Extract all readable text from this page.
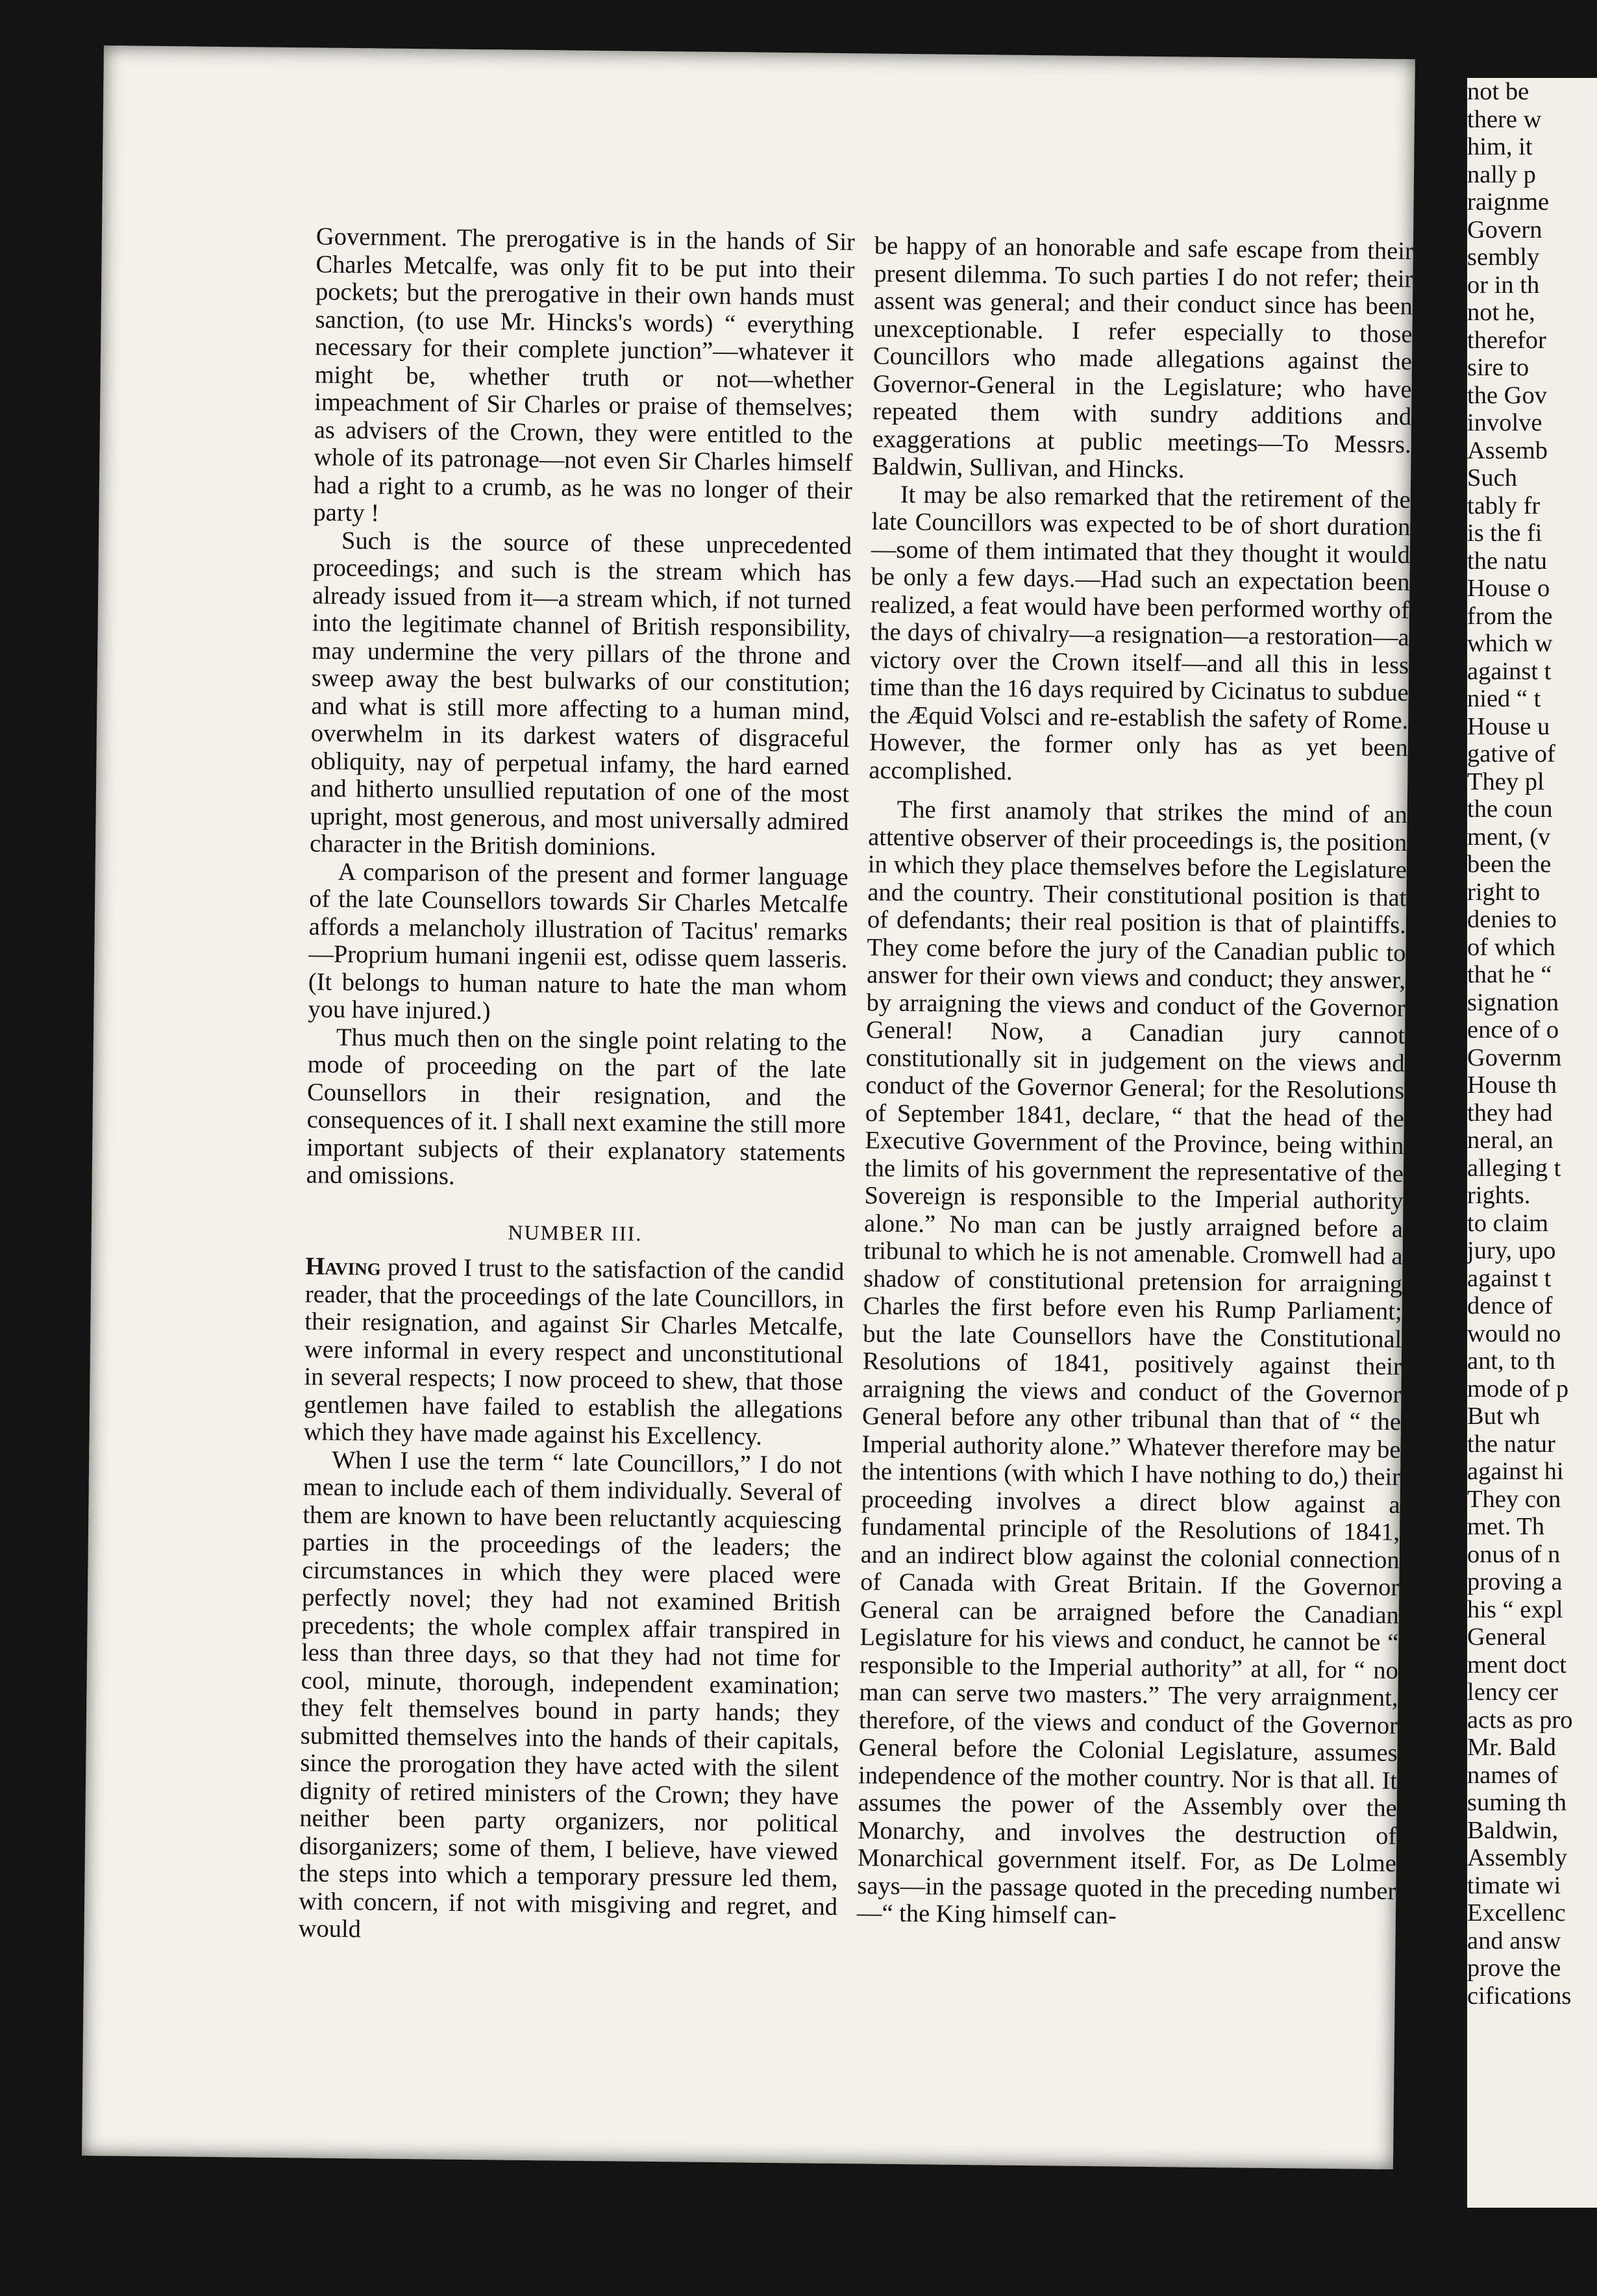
Government. The prerogative is in the hands of Sir Charles Metcalfe, was only fit to be put into their pockets; but the prerogative in their own hands must sanction, (to use Mr. Hincks's words) “ everything necessary for their complete junction”—whatever it might be, whether truth or not—whether impeachment of Sir Charles or praise of themselves; as advisers of the Crown, they were entitled to the whole of its patronage—not even Sir Charles himself had a right to a crumb, as he was no longer of their party !

Such is the source of these unprecedented proceedings; and such is the stream which has already issued from it—a stream which, if not turned into the legitimate channel of British responsibility, may undermine the very pillars of the throne and sweep away the best bulwarks of our constitution; and what is still more affecting to a human mind, overwhelm in its darkest waters of disgraceful obliquity, nay of perpetual infamy, the hard earned and hitherto unsullied reputation of one of the most upright, most generous, and most universally admired character in the British dominions.

A comparison of the present and former language of the late Counsellors towards Sir Charles Metcalfe affords a melancholy illustration of Tacitus' remarks—Proprium humani ingenii est, odisse quem lasseris. (It belongs to human nature to hate the man whom you have injured.)

Thus much then on the single point relating to the mode of proceeding on the part of the late Counsellors in their resignation, and the consequences of it. I shall next examine the still more important subjects of their explanatory statements and omissions.

NUMBER III.

Having proved I trust to the satisfaction of the candid reader, that the proceedings of the late Councillors, in their resignation, and against Sir Charles Metcalfe, were informal in every respect and unconstitutional in several respects; I now proceed to shew, that those gentlemen have failed to establish the allegations which they have made against his Excellency.

When I use the term “ late Councillors,” I do not mean to include each of them individually. Several of them are known to have been reluctantly acquiescing parties in the proceedings of the leaders; the circumstances in which they were placed were perfectly novel; they had not examined British precedents; the whole complex affair transpired in less than three days, so that they had not time for cool, minute, thorough, independent examination; they felt themselves bound in party hands; they submitted themselves into the hands of their capitals, since the prorogation they have acted with the silent dignity of retired ministers of the Crown; they have neither been party organizers, nor political disorganizers; some of them, I believe, have viewed the steps into which a temporary pressure led them, with concern, if not with misgiving and regret, and would

be happy of an honorable and safe escape from their present dilemma. To such parties I do not refer; their assent was general; and their conduct since has been unexceptionable. I refer especially to those Councillors who made allegations against the Governor-General in the Legislature; who have repeated them with sundry additions and exaggerations at public meetings—To Messrs. Baldwin, Sullivan, and Hincks.

It may be also remarked that the retirement of the late Councillors was expected to be of short duration—some of them intimated that they thought it would be only a few days.—Had such an expectation been realized, a feat would have been performed worthy of the days of chivalry—a resignation—a restoration—a victory over the Crown itself—and all this in less time than the 16 days required by Cicinatus to subdue the Æquid Volsci and re-establish the safety of Rome. However, the former only has as yet been accomplished.

The first anamoly that strikes the mind of an attentive observer of their proceedings is, the position in which they place themselves before the Legislature and the country. Their constitutional position is that of defendants; their real position is that of plaintiffs. They come before the jury of the Canadian public to answer for their own views and conduct; they answer, by arraigning the views and conduct of the Governor General! Now, a Canadian jury cannot constitutionally sit in judgement on the views and conduct of the Governor General; for the Resolutions of September 1841, declare, “ that the head of the Executive Government of the Province, being within the limits of his government the representative of the Sovereign is responsible to the Imperial authority alone.” No man can be justly arraigned before a tribunal to which he is not amenable. Cromwell had a shadow of constitutional pretension for arraigning Charles the first before even his Rump Parliament; but the late Counsellors have the Constitutional Resolutions of 1841, positively against their arraigning the views and conduct of the Governor General before any other tribunal than that of “ the Imperial authority alone.” Whatever therefore may be the intentions (with which I have nothing to do,) their proceeding involves a direct blow against a fundamental principle of the Resolutions of 1841, and an indirect blow against the colonial connection of Canada with Great Britain. If the Governor General can be arraigned before the Canadian Legislature for his views and conduct, he cannot be “ responsible to the Imperial authority” at all, for “ no man can serve two masters.” The very arraignment, therefore, of the views and conduct of the Governor General before the Colonial Legislature, assumes independence of the mother country. Nor is that all. It assumes the power of the Assembly over the Monarchy, and involves the destruction of Monarchical government itself. For, as De Lolme says—in the passage quoted in the preceding number—“ the King himself can-

not be
there w
him, it
nally p
raignme
Govern
sembly
or in th
not he,
therefor
sire to
the Gov
involve
Assemb
Such
tably fr
is the fi
the natu
House o
from the
which w
against t
nied “ t
House u
gative of
They pl
the coun
ment, (v
been the
right to
denies to
of which
that he “
signation
ence of o
Governm
House th
they had
neral, an
alleging t
rights.
to claim
jury, upo
against t
dence of
would no
ant, to th
mode of p
But wh
the natur
against hi
They con
met. Th
onus of n
proving a
his “ expl
General
ment doct
lency cer
acts as pro
Mr. Bald
names of
suming th
Baldwin,
Assembly
timate wi
Excellenc
and answ
prove the
cifications
